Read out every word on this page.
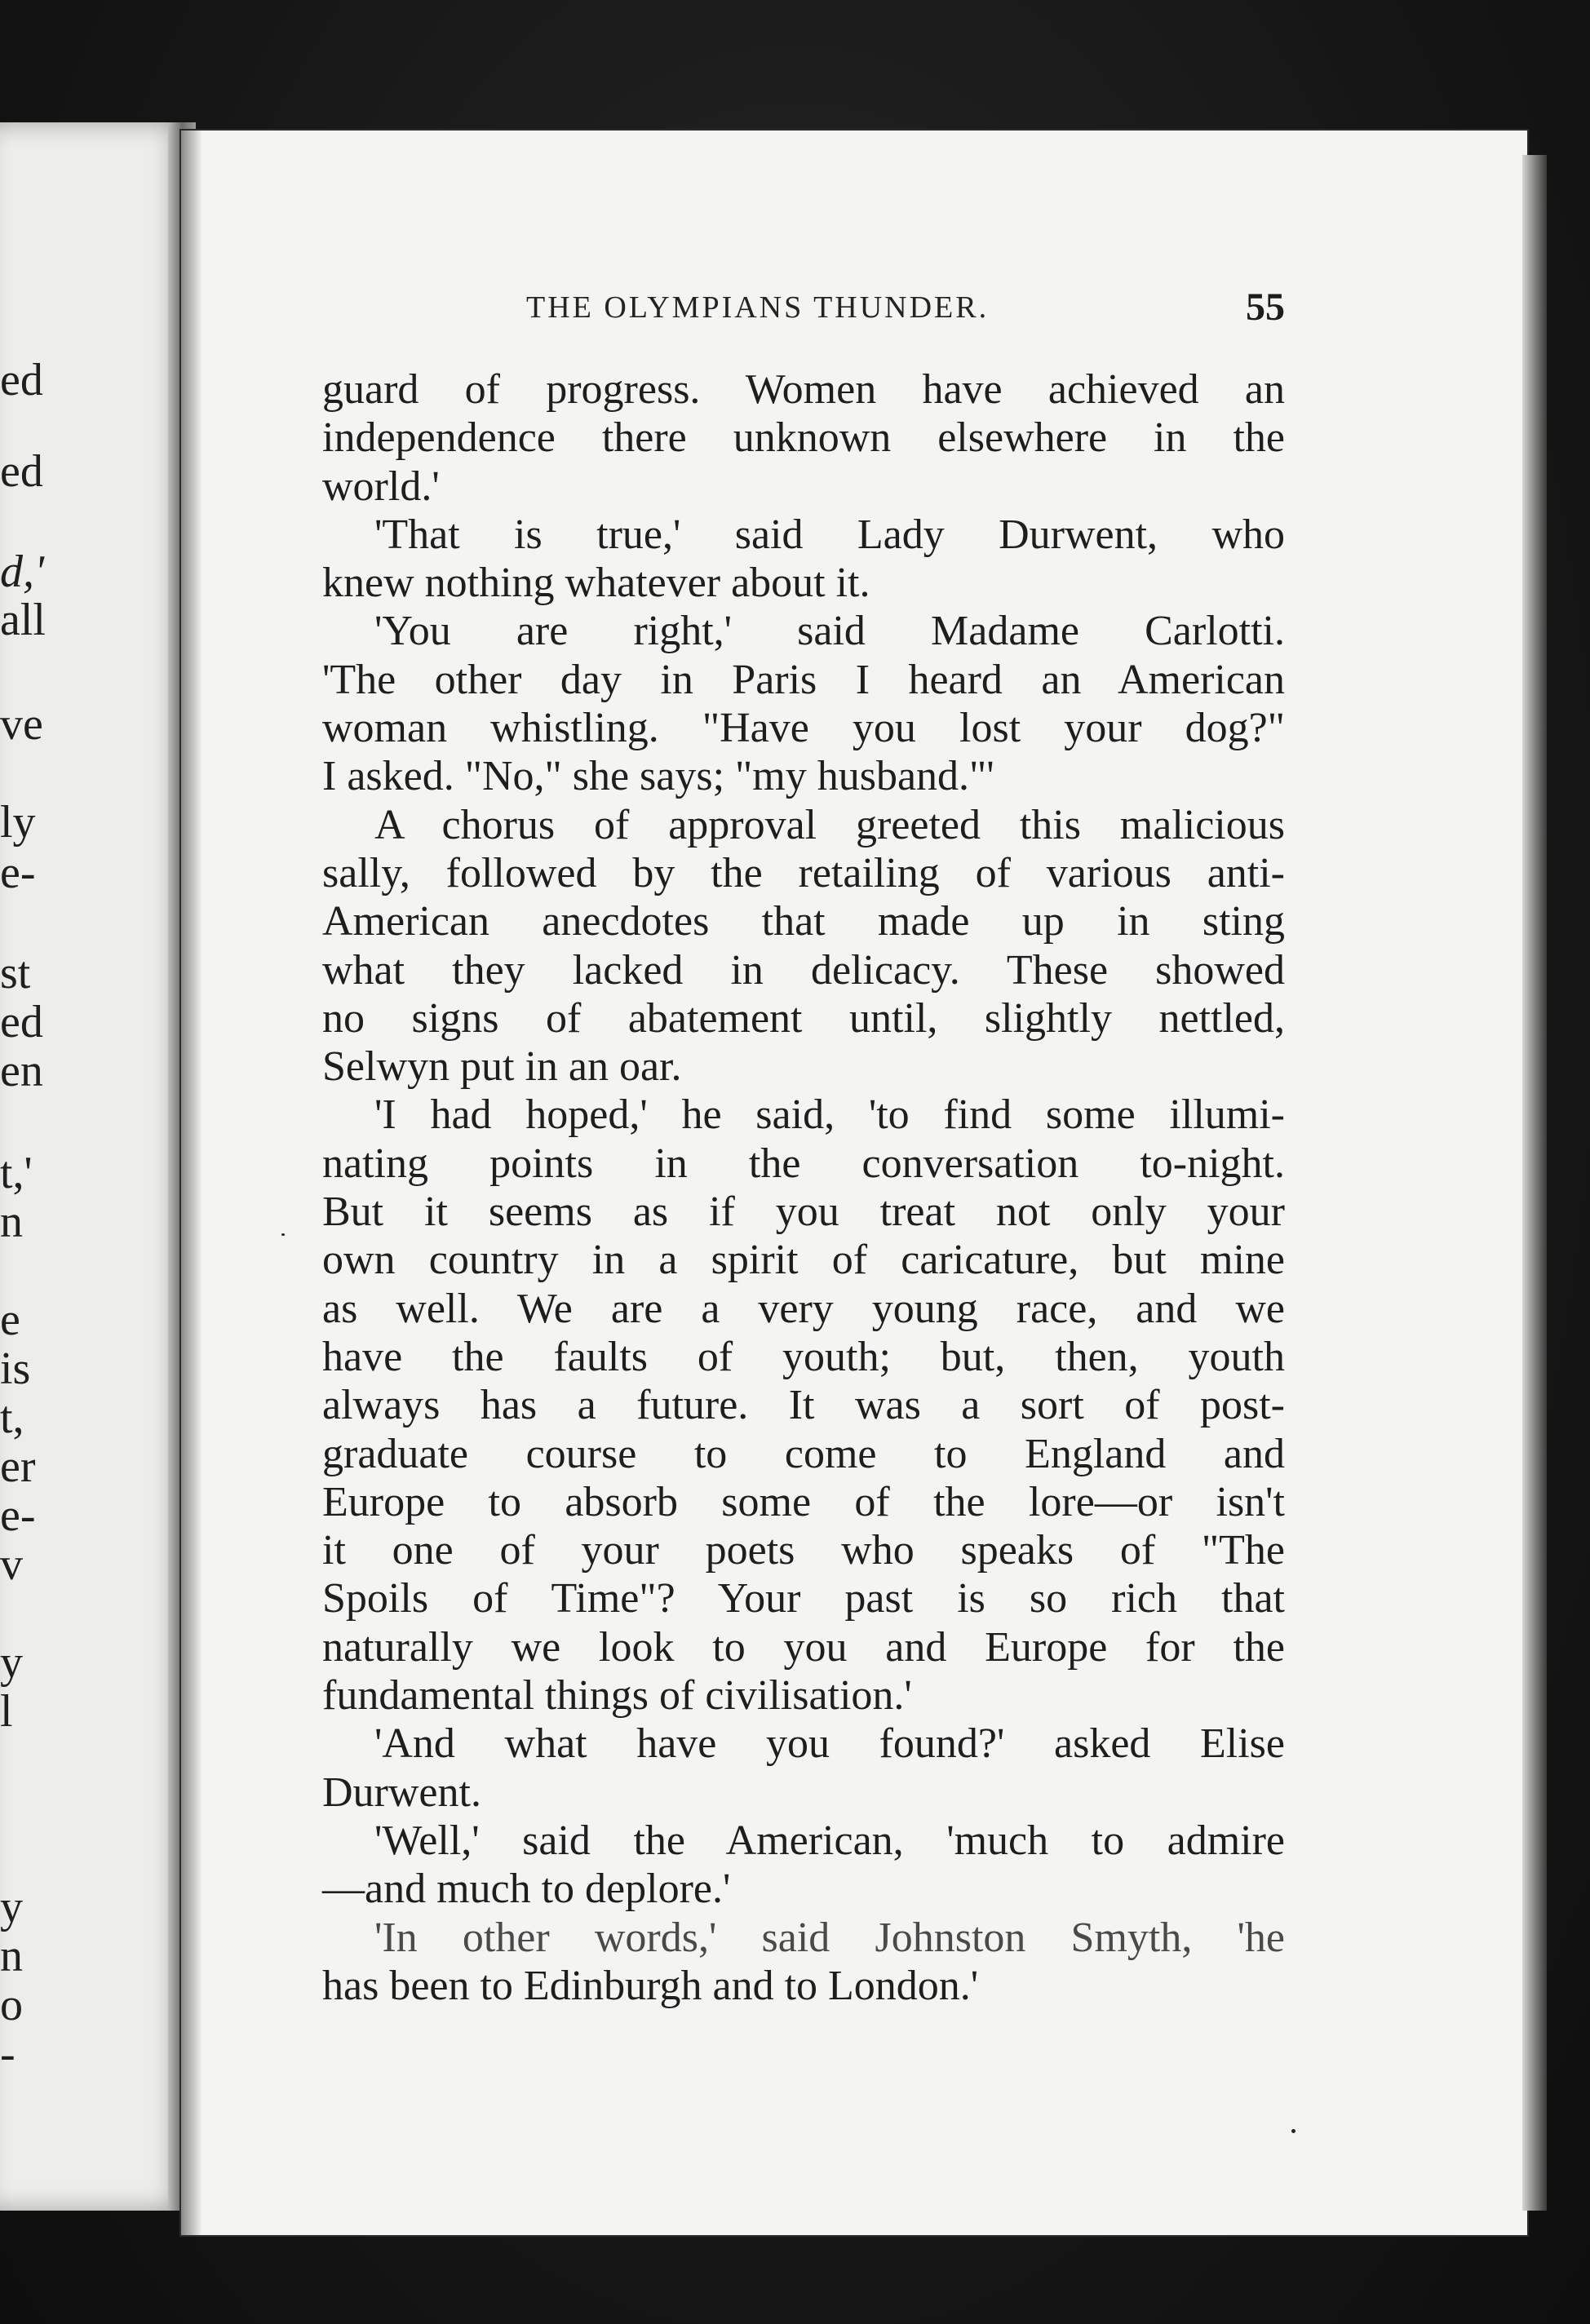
ed
ed
d,'
all
ve
ly
e-
st
ed
en
t,'
n
e
is
t,
er
e-
v
y
l
y
n
o
-
THE OLYMPIANS THUNDER.	55
guard of progress. Women have achieved an
independence there unknown elsewhere in the
world.'
'That is true,' said Lady Durwent, who
knew nothing whatever about it.
'You are right,' said Madame Carlotti.
'The other day in Paris I heard an American
woman whistling. "Have you lost your dog?"
I asked. "No," she says; "my husband."'
A chorus of approval greeted this malicious
sally, followed by the retailing of various anti-
American anecdotes that made up in sting
what they lacked in delicacy. These showed
no signs of abatement until, slightly nettled,
Selwyn put in an oar.
'I had hoped,' he said, 'to find some illumi-
nating points in the conversation to-night.
But it seems as if you treat not only your
own country in a spirit of caricature, but mine
as well. We are a very young race, and we
have the faults of youth; but, then, youth
always has a future. It was a sort of post-
graduate course to come to England and
Europe to absorb some of the lore—or isn't
it one of your poets who speaks of "The
Spoils of Time"? Your past is so rich that
naturally we look to you and Europe for the
fundamental things of civilisation.'
'And what have you found?' asked Elise
Durwent.
'Well,' said the American, 'much to admire
—and much to deplore.'
'In other words,' said Johnston Smyth, 'he
has been to Edinburgh and to London.'
